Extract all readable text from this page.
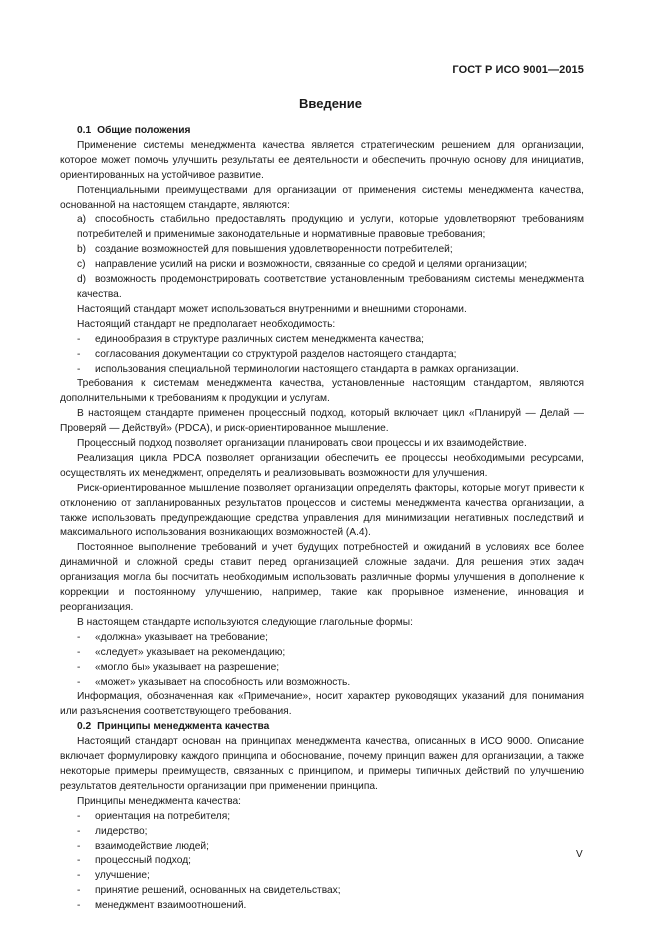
ГОСТ Р ИСО 9001—2015
Введение

0.1 Общие положения

Применение системы менеджмента качества является стратегическим решением для организации, которое может помочь улучшить результаты ее деятельности и обеспечить прочную основу для инициатив, ориентированных на устойчивое развитие.

Потенциальными преимуществами для организации от применения системы менеджмента качества, основанной на настоящем стандарте, являются:

a) способность стабильно предоставлять продукцию и услуги, которые удовлетворяют требованиям потребителей и применимые законодательные и нормативные правовые требования;

b) создание возможностей для повышения удовлетворенности потребителей;

c) направление усилий на риски и возможности, связанные со средой и целями организации;

d) возможность продемонстрировать соответствие установленным требованиям системы менеджмента качества.

Настоящий стандарт может использоваться внутренними и внешними сторонами.

Настоящий стандарт не предполагает необходимость:

- единообразия в структуре различных систем менеджмента качества;

- согласования документации со структурой разделов настоящего стандарта;

- использования специальной терминологии настоящего стандарта в рамках организации.

Требования к системам менеджмента качества, установленные настоящим стандартом, являются дополнительными к требованиям к продукции и услугам.

В настоящем стандарте применен процессный подход, который включает цикл «Планируй — Делай — Проверяй — Действуй» (PDCA), и риск-ориентированное мышление.

Процессный подход позволяет организации планировать свои процессы и их взаимодействие.

Реализация цикла PDCA позволяет организации обеспечить ее процессы необходимыми ресурсами, осуществлять их менеджмент, определять и реализовывать возможности для улучшения.

Риск-ориентированное мышление позволяет организации определять факторы, которые могут привести к отклонению от запланированных результатов процессов и системы менеджмента качества организации, а также использовать предупреждающие средства управления для минимизации негативных последствий и максимального использования возникающих возможностей (А.4).

Постоянное выполнение требований и учет будущих потребностей и ожиданий в условиях все более динамичной и сложной среды ставит перед организацией сложные задачи. Для решения этих задач организация могла бы посчитать необходимым использовать различные формы улучшения в дополнение к коррекции и постоянному улучшению, например, такие как прорывное изменение, инновация и реорганизация.

В настоящем стандарте используются следующие глагольные формы:

- «должна» указывает на требование;

- «следует» указывает на рекомендацию;

- «могло бы» указывает на разрешение;

- «может» указывает на способность или возможность.

Информация, обозначенная как «Примечание», носит характер руководящих указаний для понимания или разъяснения соответствующего требования.

0.2 Принципы менеджмента качества

Настоящий стандарт основан на принципах менеджмента качества, описанных в ИСО 9000. Описание включает формулировку каждого принципа и обоснование, почему принцип важен для организации, а также некоторые примеры преимуществ, связанных с принципом, и примеры типичных действий по улучшению результатов деятельности организации при применении принципа.

Принципы менеджмента качества:

- ориентация на потребителя;

- лидерство;

- взаимодействие людей;

- процессный подход;

- улучшение;

- принятие решений, основанных на свидетельствах;

- менеджмент взаимоотношений.

V
